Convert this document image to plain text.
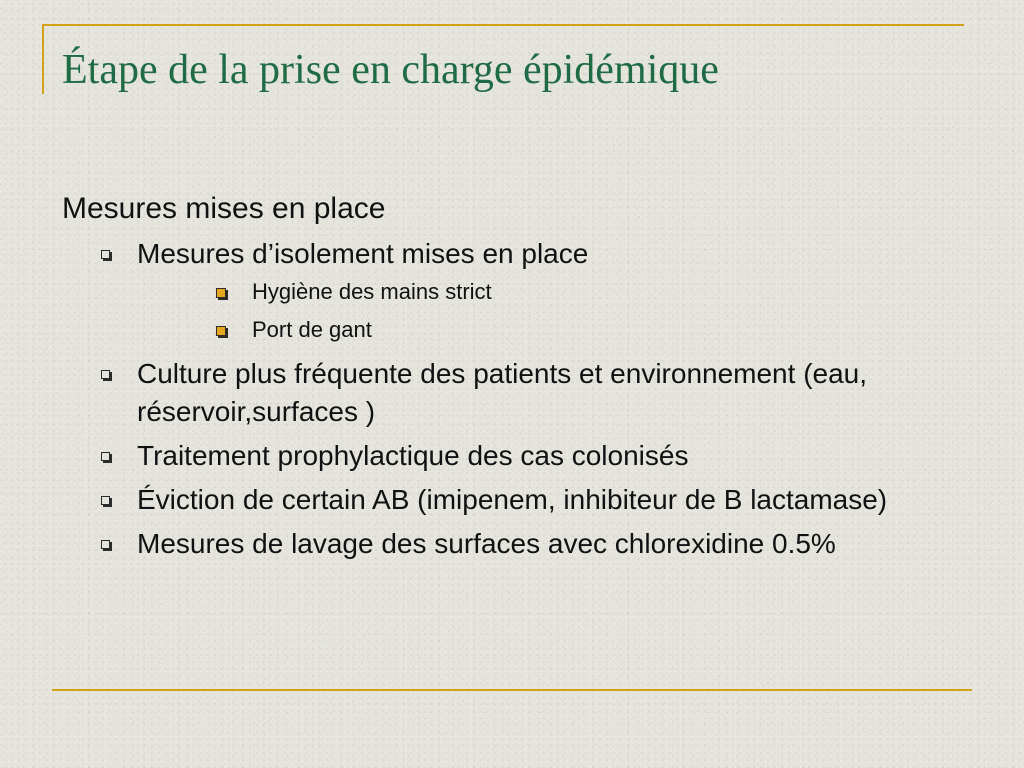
Étape de la prise en charge épidémique

Mesures mises en place

Mesures d’isolement mises en place
Hygiène des mains strict
Port de gant
Culture plus fréquente des patients et environnement (eau, réservoir,surfaces )
Traitement prophylactique des cas colonisés
Éviction de certain AB (imipenem, inhibiteur de B lactamase)
Mesures de lavage des surfaces avec chlorexidine 0.5%
